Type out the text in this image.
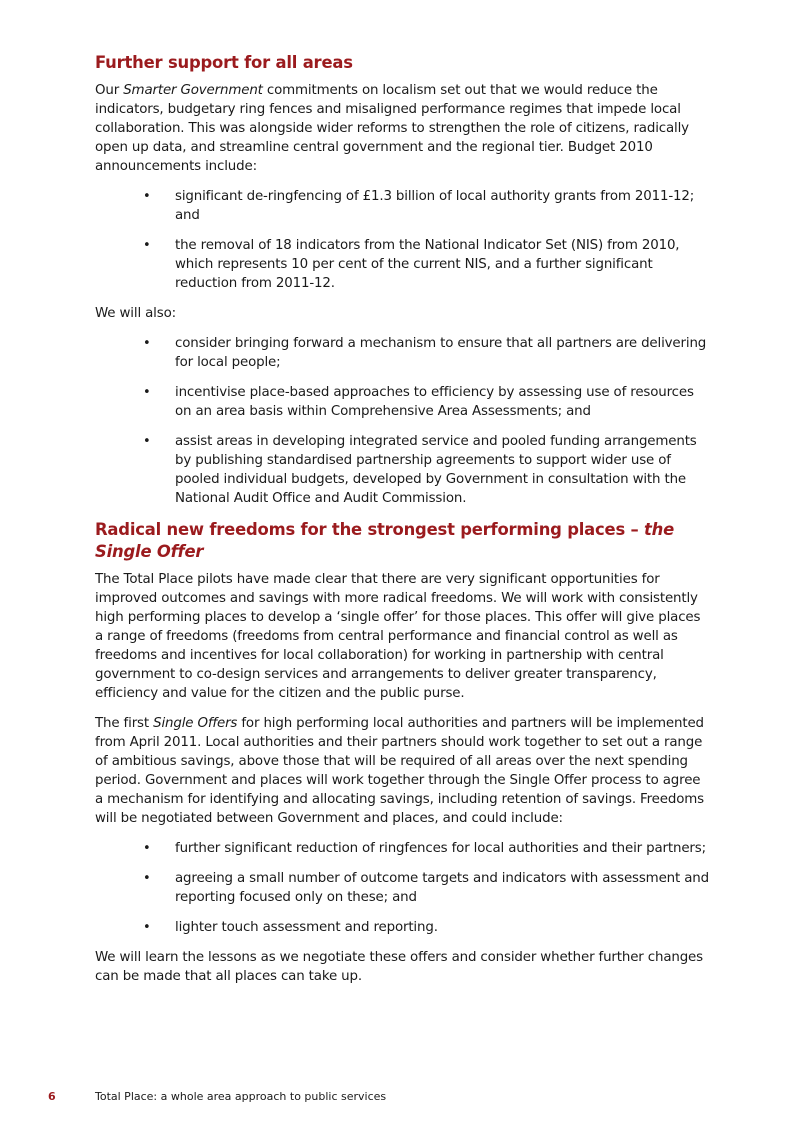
Further support for all areas

Our Smarter Government commitments on localism set out that we would reduce the indicators, budgetary ring fences and misaligned performance regimes that impede local collaboration. This was alongside wider reforms to strengthen the role of citizens, radically open up data, and streamline central government and the regional tier. Budget 2010 announcements include:

• significant de-ringfencing of £1.3 billion of local authority grants from 2011-12; and
• the removal of 18 indicators from the National Indicator Set (NIS) from 2010, which represents 10 per cent of the current NIS, and a further significant reduction from 2011-12.

We will also:

• consider bringing forward a mechanism to ensure that all partners are delivering for local people;
• incentivise place-based approaches to efficiency by assessing use of resources on an area basis within Comprehensive Area Assessments; and
• assist areas in developing integrated service and pooled funding arrangements by publishing standardised partnership agreements to support wider use of pooled individual budgets, developed by Government in consultation with the National Audit Office and Audit Commission.
Radical new freedoms for the strongest performing places – the Single Offer

The Total Place pilots have made clear that there are very significant opportunities for improved outcomes and savings with more radical freedoms. We will work with consistently high performing places to develop a ‘single offer’ for those places. This offer will give places a range of freedoms (freedoms from central performance and financial control as well as freedoms and incentives for local collaboration) for working in partnership with central government to co-design services and arrangements to deliver greater transparency, efficiency and value for the citizen and the public purse.

The first Single Offers for high performing local authorities and partners will be implemented from April 2011. Local authorities and their partners should work together to set out a range of ambitious savings, above those that will be required of all areas over the next spending period. Government and places will work together through the Single Offer process to agree a mechanism for identifying and allocating savings, including retention of savings. Freedoms will be negotiated between Government and places, and could include:

• further significant reduction of ringfences for local authorities and their partners;
• agreeing a small number of outcome targets and indicators with assessment and reporting focused only on these; and
• lighter touch assessment and reporting.

We will learn the lessons as we negotiate these offers and consider whether further changes can be made that all places can take up.

6	Total Place: a whole area approach to public services
